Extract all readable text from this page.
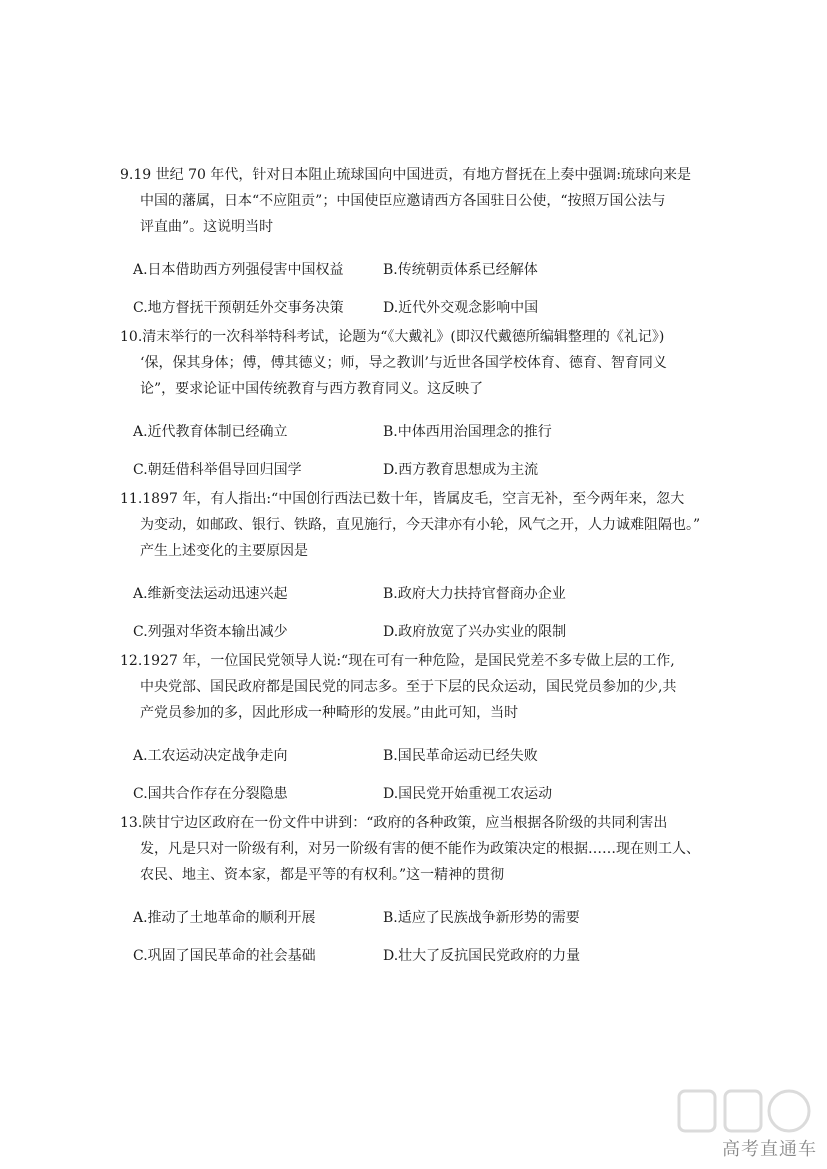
9.19 世纪 70 年代，针对日本阻止琉球国向中国进贡，有地方督抚在上奏中强调:琉球向来是
中国的藩属，日本“不应阻贡”；中国使臣应邀请西方各国驻日公使，“按照万国公法与
评直曲”。这说明当时

A.日本借助西方列强侵害中国权益	B.传统朝贡体系已经解体
C.地方督抚干预朝廷外交事务决策	D.近代外交观念影响中国

10.清末举行的一次科举特科考试，论题为“《大戴礼》(即汉代戴德所编辑整理的《礼记》)
‘保，保其身体；傅，傅其德义；师，导之教训’与近世各国学校体育、德育、智育同义
论”，要求论证中国传统教育与西方教育同义。这反映了

A.近代教育体制已经确立	B.中体西用治国理念的推行
C.朝廷借科举倡导回归国学	D.西方教育思想成为主流

11.1897 年，有人指出:“中国创行西法已数十年，皆属皮毛，空言无补，至今两年来，忽大
为变动，如邮政、银行、铁路，直见施行，今天津亦有小轮，风气之开，人力诚难阻隔也。”
产生上述变化的主要原因是

A.维新变法运动迅速兴起	B.政府大力扶持官督商办企业
C.列强对华资本输出减少	D.政府放宽了兴办实业的限制

12.1927 年，一位国民党领导人说:“现在可有一种危险，是国民党差不多专做上层的工作,
中央党部、国民政府都是国民党的同志多。至于下层的民众运动，国民党员参加的少,共
产党员参加的多，因此形成一种畸形的发展。”由此可知，当时

A.工农运动决定战争走向	B.国民革命运动已经失败
C.国共合作存在分裂隐患	D.国民党开始重视工农运动

13.陕甘宁边区政府在一份文件中讲到：“政府的各种政策，应当根据各阶级的共同利害出
发，凡是只对一阶级有利，对另一阶级有害的便不能作为政策决定的根据……现在则工人、
农民、地主、资本家，都是平等的有权利。”这一精神的贯彻

A.推动了土地革命的顺利开展	B.适应了民族战争新形势的需要
C.巩固了国民革命的社会基础	D.壮大了反抗国民党政府的力量
高考直通车
